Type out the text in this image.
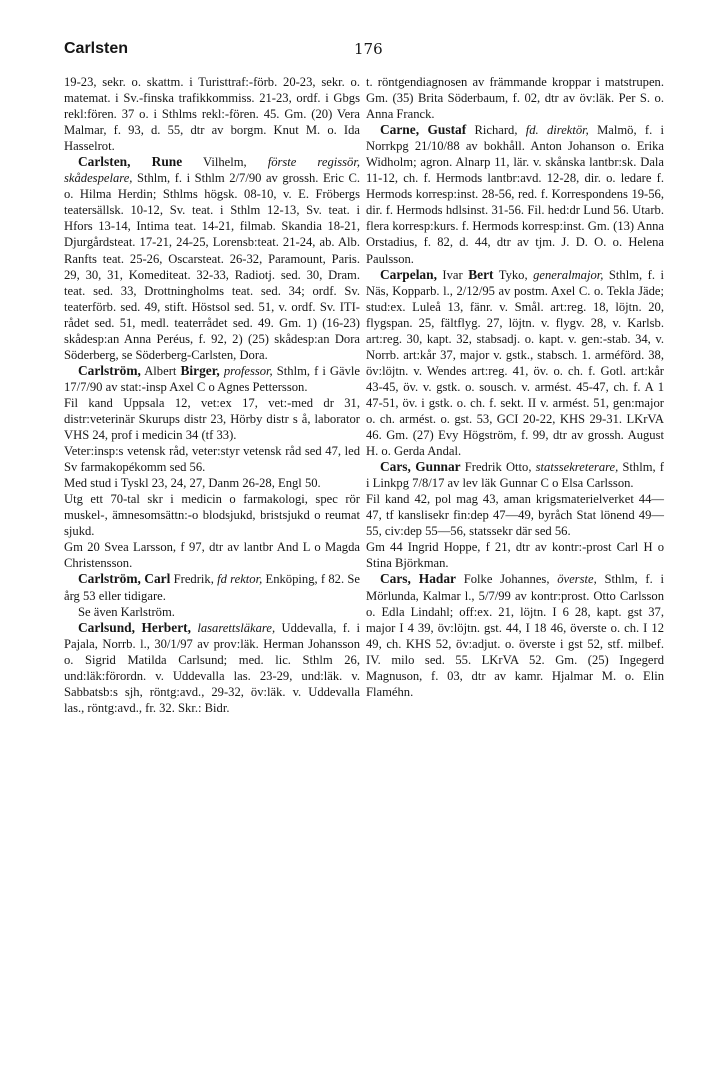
Carlsten	176

19-23, sekr. o. skattm. i Turisttraf:-förb. 20-23, sekr. o. matemat. i Sv.-finska trafikkommiss. 21-23, ordf. i Gbgs rekl:fören. 37 o. i Sthlms rekl:-fören. 45. Gm. (20) Vera Malmar, f. 93, d. 55, dtr av borgm. Knut M. o. Ida Hasselrot.

Carlsten, Rune Vilhelm, förste regissör, skådespelare, Sthlm, f. i Sthlm 2/7/90 av grossh. Eric C. o. Hilma Herdin; Sthlms högsk. 08-10, v. E. Fröbergs teatersällsk. 10-12, Sv. teat. i Sthlm 12-13, Sv. teat. i Hfors 13-14, Intima teat. 14-21, filmab. Skandia 18-21, Djurgårdsteat. 17-21, 24-25, Lorensb:teat. 21-24, ab. Alb. Ranfts teat. 25-26, Oscarsteat. 26-32, Paramount, Paris. 29, 30, 31, Komediteat. 32-33, Radiotj. sed. 30, Dram. teat. sed. 33, Drottningholms teat. sed. 34; ordf. Sv. teaterförb. sed. 49, stift. Höstsol sed. 51, v. ordf. Sv. ITI-rådet sed. 51, medl. teaterrådet sed. 49. Gm. 1) (16-23) skådesp:an Anna Peréus, f. 92, 2) (25) skådesp:an Dora Söderberg, se Söderberg-Carlsten, Dora.

Carlström, Albert Birger, professor, Sthlm, f i Gävle 17/7/90 av stat:-insp Axel C o Agnes Pettersson.

Fil kand Uppsala 12, vet:ex 17, vet:-med dr 31, distr:veterinär Skurups distr 23, Hörby distr s å, laborator VHS 24, prof i medicin 34 (tf 33).

Veter:insp:s vetensk råd, veter:styr vetensk råd sed 47, led Sv farmakopékomm sed 56.

Med stud i Tyskl 23, 24, 27, Danm 26-28, Engl 50.

Utg ett 70-tal skr i medicin o farmakologi, spec rör muskel-, ämnesomsättn:-o blodsjukd, bristsjukd o reumat sjukd.

Gm 20 Svea Larsson, f 97, dtr av lantbr And L o Magda Christensson.

Carlström, Carl Fredrik, fd rektor, Enköping, f 82. Se årg 53 eller tidigare.

Se även Karlström.

Carlsund, Herbert, lasarettsläkare, Uddevalla, f. i Pajala, Norrb. l., 30/1/97 av prov:läk. Herman Johansson o. Sigrid Matilda Carlsund; med. lic. Sthlm 26, und:läk:förordn. v. Uddevalla las. 23-29, und:läk. v. Sabbatsb:s sjh, röntg:avd., 29-32, öv:läk. v. Uddevalla las., röntg:avd., fr. 32. Skr.: Bidr.

t. röntgendiagnosen av främmande kroppar i matstrupen. Gm. (35) Brita Söderbaum, f. 02, dtr av öv:läk. Per S. o. Anna Franck.

Carne, Gustaf Richard, fd. direktör, Malmö, f. i Norrkpg 21/10/88 av bokhåll. Anton Johanson o. Erika Widholm; agron. Alnarp 11, lär. v. skånska lantbr:sk. Dala 11-12, ch. f. Hermods lantbr:avd. 12-28, dir. o. ledare f. Hermods korresp:inst. 28-56, red. f. Korrespondens 19-56, dir. f. Hermods hdlsinst. 31-56. Fil. hed:dr Lund 56. Utarb. flera korresp:kurs. f. Hermods korresp:inst. Gm. (13) Anna Orstadius, f. 82, d. 44, dtr av tjm. J. D. O. o. Helena Paulsson.

Carpelan, Ivar Bert Tyko, generalmajor, Sthlm, f. i Näs, Kopparb. l., 2/12/95 av postm. Axel C. o. Tekla Jäde; stud:ex. Luleå 13, fänr. v. Smål. art:reg. 18, löjtn. 20, flygspan. 25, fältflyg. 27, löjtn. v. flygv. 28, v. Karlsb. art:reg. 30, kapt. 32, stabsadj. o. kapt. v. gen:-stab. 34, v. Norrb. art:kår 37, major v. gstk., stabsch. 1. arméförd. 38, öv:löjtn. v. Wendes art:reg. 41, öv. o. ch. f. Gotl. art:kår 43-45, öv. v. gstk. o. sousch. v. armést. 45-47, ch. f. A 1 47-51, öv. i gstk. o. ch. f. sekt. II v. armést. 51, gen:major o. ch. armést. o. gst. 53, GCI 20-22, KHS 29-31. LKrVA 46. Gm. (27) Evy Högström, f. 99, dtr av grossh. August H. o. Gerda Andal.

Cars, Gunnar Fredrik Otto, statssekreterare, Sthlm, f i Linkpg 7/8/17 av lev läk Gunnar C o Elsa Carlsson.

Fil kand 42, pol mag 43, aman krigsmaterielverket 44—47, tf kanslisekr fin:dep 47—49, byråch Stat lönend 49—55, civ:dep 55—56, statssekr där sed 56.

Gm 44 Ingrid Hoppe, f 21, dtr av kontr:-prost Carl H o Stina Björkman.

Cars, Hadar Folke Johannes, överste, Sthlm, f. i Mörlunda, Kalmar l., 5/7/99 av kontr:prost. Otto Carlsson o. Edla Lindahl; off:ex. 21, löjtn. I 6 28, kapt. gst 37, major I 4 39, öv:löjtn. gst. 44, I 18 46, överste o. ch. I 12 49, ch. KHS 52, öv:adjut. o. överste i gst 52, stf. milbef. IV. milo sed. 55. LKrVA 52. Gm. (25) Ingegerd Magnuson, f. 03, dtr av kamr. Hjalmar M. o. Elin Flaméhn.
